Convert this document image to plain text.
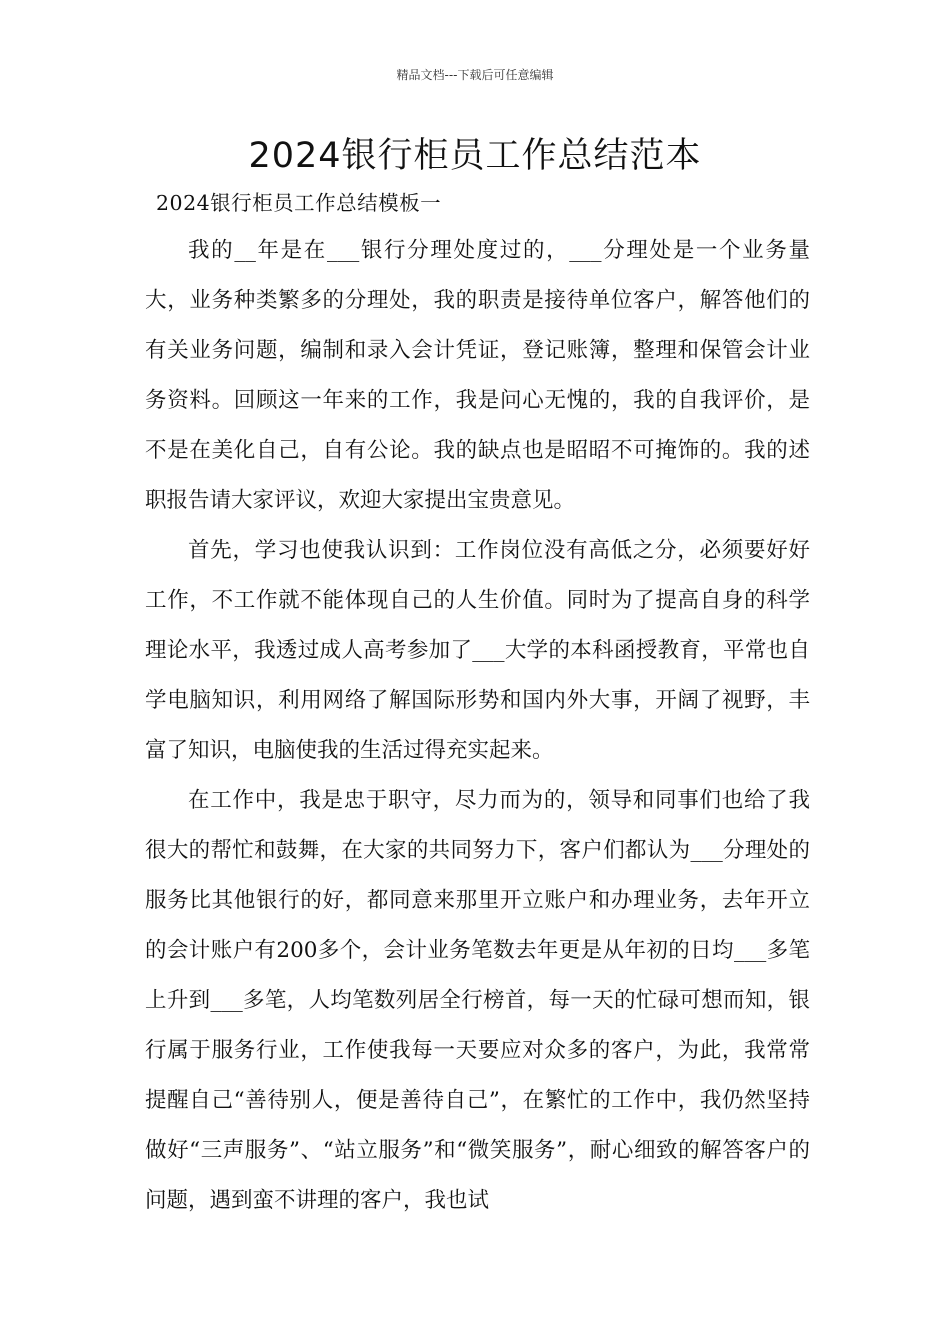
精品文档---下载后可任意编辑
2024银行柜员工作总结范本
2024银行柜员工作总结模板一

我的__年是在___银行分理处度过的，___分理处是一个业务量大，业务种类繁多的分理处，我的职责是接待单位客户，解答他们的有关业务问题，编制和录入会计凭证，登记账簿，整理和保管会计业务资料。回顾这一年来的工作，我是问心无愧的，我的自我评价，是不是在美化自己，自有公论。我的缺点也是昭昭不可掩饰的。我的述职报告请大家评议，欢迎大家提出宝贵意见。

首先，学习也使我认识到：工作岗位没有高低之分，必须要好好工作，不工作就不能体现自己的人生价值。同时为了提高自身的科学理论水平，我透过成人高考参加了___大学的本科函授教育，平常也自学电脑知识，利用网络了解国际形势和国内外大事，开阔了视野，丰富了知识，电脑使我的生活过得充实起来。

在工作中，我是忠于职守，尽力而为的，领导和同事们也给了我很大的帮忙和鼓舞，在大家的共同努力下，客户们都认为___分理处的服务比其他银行的好，都同意来那里开立账户和办理业务，去年开立的会计账户有200多个，会计业务笔数去年更是从年初的日均___多笔上升到___多笔，人均笔数列居全行榜首，每一天的忙碌可想而知，银行属于服务行业，工作使我每一天要应对众多的客户，为此，我常常提醒自己“善待别人，便是善待自己”，在繁忙的工作中，我仍然坚持做好“三声服务”、“站立服务”和“微笑服务”，耐心细致的解答客户的问题，遇到蛮不讲理的客户，我也试
